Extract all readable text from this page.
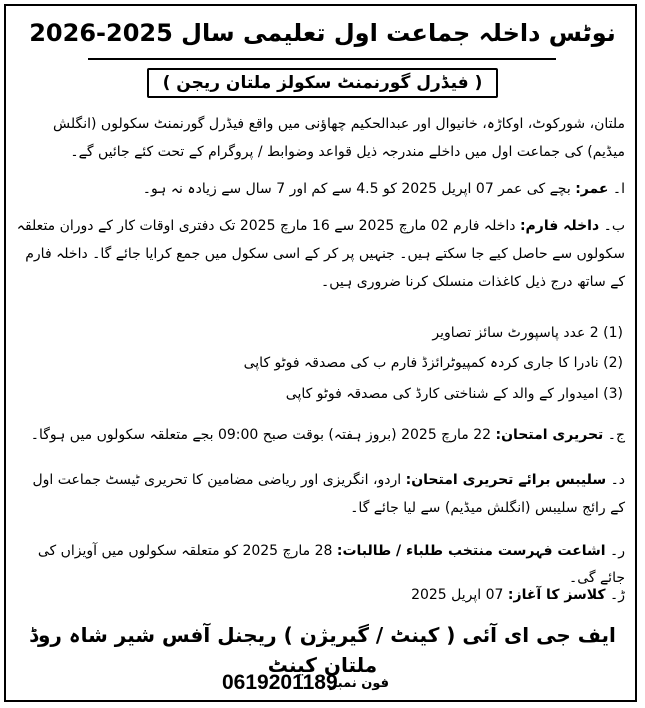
نوٹس داخلہ جماعت اول تعلیمی سال 2025-2026
( فیڈرل گورنمنٹ سکولز ملتان ریجن )
ملتان، شورکوٹ، اوکاڑہ، خانیوال اور عبدالحکیم چھاؤنی میں واقع فیڈرل گورنمنٹ سکولوں (انگلش میڈیم) کی جماعت اول میں داخلے مندرجہ ذیل قواعد وضوابط / پروگرام کے تحت کئے جائیں گے۔
ا۔ عمر: بچے کی عمر 07 اپریل 2025 کو 4.5 سے کم اور 7 سال سے زیادہ نہ ہو۔
ب۔ داخلہ فارم: داخلہ فارم 02 مارچ 2025 سے 16 مارچ 2025 تک دفتری اوقات کار کے دوران متعلقہ سکولوں سے حاصل کیے جا سکتے ہیں۔ جنہیں پر کر کے اسی سکول میں جمع کرایا جائے گا۔ داخلہ فارم کے ساتھ درج ذیل کاغذات منسلک کرنا ضروری ہیں۔
(1) 2 عدد پاسپورٹ سائز تصاویر
(2) نادرا کا جاری کردہ کمپیوٹرائزڈ فارم ب کی مصدقہ فوٹو کاپی
(3) امیدوار کے والد کے شناختی کارڈ کی مصدقہ فوٹو کاپی
ج۔ تحریری امتحان: 22 مارچ 2025 (بروز ہفتہ) بوقت صبح 09:00 بجے متعلقہ سکولوں میں ہوگا۔
د۔ سلیبس برائے تحریری امتحان: اردو، انگریزی اور ریاضی مضامین کا تحریری ٹیسٹ جماعت اول کے رائج سلیبس (انگلش میڈیم) سے لیا جائے گا۔
ر۔ اشاعت فہرست منتخب طلباء / طالبات: 28 مارچ 2025 کو متعلقہ سکولوں میں آویزاں کی جائے گی۔
ڑ۔ کلاسز کا آغاز: 07 اپریل 2025
ایف جی ای آئی ( کینٹ / گیریژن ) ریجنل آفس شیر شاہ روڈ ملتان کینٹ
فون نمبر
0619201189
